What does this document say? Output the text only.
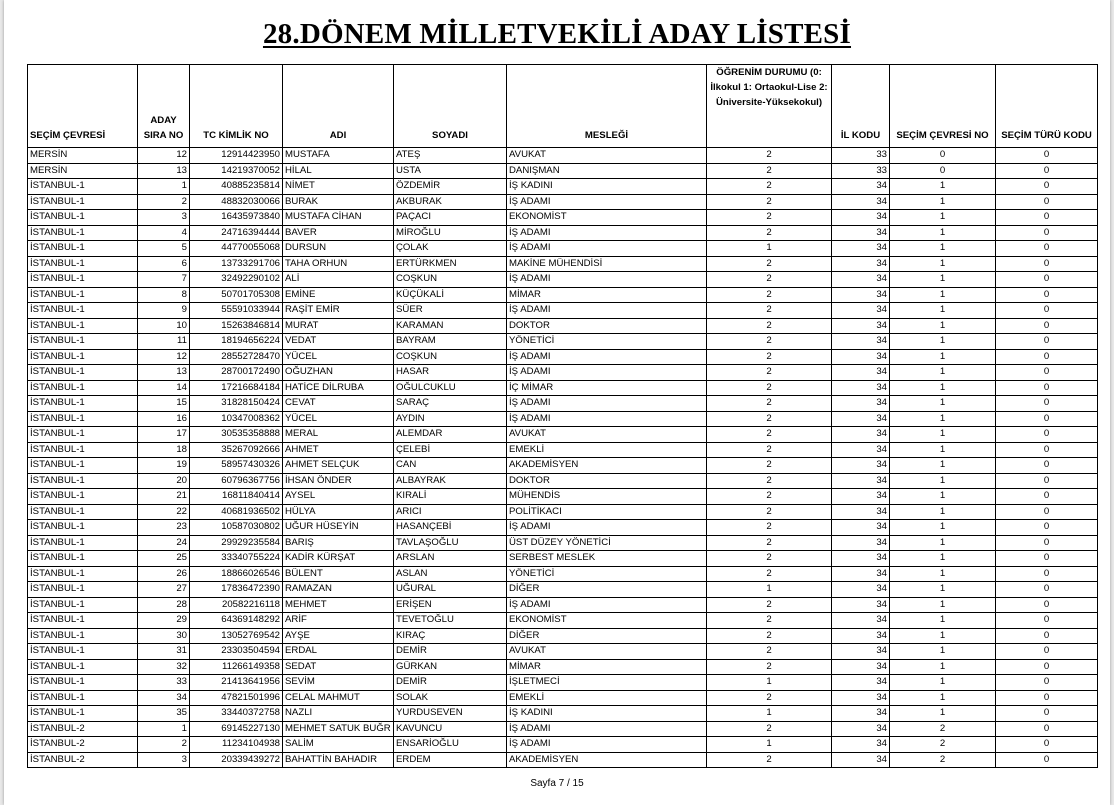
28.DÖNEM MİLLETVEKİLİ ADAY LİSTESİ
SEÇİM ÇEVRESİ	ADAY SIRA NO	TC KİMLİK NO	ADI	SOYADI	MESLEĞİ	ÖĞRENİM DURUMU (0: İlkokul 1: Ortaokul-Lise 2: Üniversite-Yüksekokul)	İL KODU	SEÇİM ÇEVRESİ NO	SEÇİM TÜRÜ KODU
MERSİN	12	12914423950	MUSTAFA	ATEŞ	AVUKAT	2	33	0	0
MERSİN	13	14219370052	HİLAL	USTA	DANIŞMAN	2	33	0	0
İSTANBUL-1	1	40885235814	NİMET	ÖZDEMİR	İŞ KADINI	2	34	1	0
İSTANBUL-1	2	48832030066	BURAK	AKBURAK	İŞ ADAMI	2	34	1	0
İSTANBUL-1	3	16435973840	MUSTAFA CİHAN	PAÇACI	EKONOMİST	2	34	1	0
İSTANBUL-1	4	24716394444	BAVER	MİROĞLU	İŞ ADAMI	2	34	1	0
İSTANBUL-1	5	44770055068	DURSUN	ÇOLAK	İŞ ADAMI	1	34	1	0
İSTANBUL-1	6	13733291706	TAHA ORHUN	ERTÜRKMEN	MAKİNE MÜHENDİSİ	2	34	1	0
İSTANBUL-1	7	32492290102	ALİ	COŞKUN	İŞ ADAMI	2	34	1	0
İSTANBUL-1	8	50701705308	EMİNE	KÜÇÜKALİ	MİMAR	2	34	1	0
İSTANBUL-1	9	55591033944	RAŞİT EMİR	SÜER	İŞ ADAMI	2	34	1	0
İSTANBUL-1	10	15263846814	MURAT	KARAMAN	DOKTOR	2	34	1	0
İSTANBUL-1	11	18194656224	VEDAT	BAYRAM	YÖNETİCİ	2	34	1	0
İSTANBUL-1	12	28552728470	YÜCEL	COŞKUN	İŞ ADAMI	2	34	1	0
İSTANBUL-1	13	28700172490	OĞUZHAN	HASAR	İŞ ADAMI	2	34	1	0
İSTANBUL-1	14	17216684184	HATİCE DİLRUBA	OĞULCUKLU	İÇ MİMAR	2	34	1	0
İSTANBUL-1	15	31828150424	CEVAT	SARAÇ	İŞ ADAMI	2	34	1	0
İSTANBUL-1	16	10347008362	YÜCEL	AYDIN	İŞ ADAMI	2	34	1	0
İSTANBUL-1	17	30535358888	MERAL	ALEMDAR	AVUKAT	2	34	1	0
İSTANBUL-1	18	35267092666	AHMET	ÇELEBİ	EMEKLİ	2	34	1	0
İSTANBUL-1	19	58957430326	AHMET SELÇUK	CAN	AKADEMİSYEN	2	34	1	0
İSTANBUL-1	20	60796367756	İHSAN ÖNDER	ALBAYRAK	DOKTOR	2	34	1	0
İSTANBUL-1	21	16811840414	AYSEL	KIRALİ	MÜHENDİS	2	34	1	0
İSTANBUL-1	22	40681936502	HÜLYA	ARICI	POLİTİKACI	2	34	1	0
İSTANBUL-1	23	10587030802	UĞUR HÜSEYİN	HASANÇEBİ	İŞ ADAMI	2	34	1	0
İSTANBUL-1	24	29929235584	BARIŞ	TAVLAŞOĞLU	ÜST DÜZEY YÖNETİCİ	2	34	1	0
İSTANBUL-1	25	33340755224	KADİR KÜRŞAT	ARSLAN	SERBEST MESLEK	2	34	1	0
İSTANBUL-1	26	18866026546	BÜLENT	ASLAN	YÖNETİCİ	2	34	1	0
İSTANBUL-1	27	17836472390	RAMAZAN	UĞURAL	DİĞER	1	34	1	0
İSTANBUL-1	28	20582216118	MEHMET	ERİŞEN	İŞ ADAMI	2	34	1	0
İSTANBUL-1	29	64369148292	ARİF	TEVETOĞLU	EKONOMİST	2	34	1	0
İSTANBUL-1	30	13052769542	AYŞE	KIRAÇ	DİĞER	2	34	1	0
İSTANBUL-1	31	23303504594	ERDAL	DEMİR	AVUKAT	2	34	1	0
İSTANBUL-1	32	11266149358	SEDAT	GÜRKAN	MİMAR	2	34	1	0
İSTANBUL-1	33	21413641956	SEVİM	DEMİR	İŞLETMECİ	1	34	1	0
İSTANBUL-1	34	47821501996	CELAL MAHMUT	SOLAK	EMEKLİ	2	34	1	0
İSTANBUL-1	35	33440372758	NAZLI	YURDUSEVEN	İŞ KADINI	1	34	1	0
İSTANBUL-2	1	69145227130	MEHMET SATUK BUĞR	KAVUNCU	İŞ ADAMI	2	34	2	0
İSTANBUL-2	2	11234104938	SALİM	ENSARİOĞLU	İŞ ADAMI	1	34	2	0
İSTANBUL-2	3	20339439272	BAHATTİN BAHADIR	ERDEM	AKADEMİSYEN	2	34	2	0
Sayfa 7 / 15
